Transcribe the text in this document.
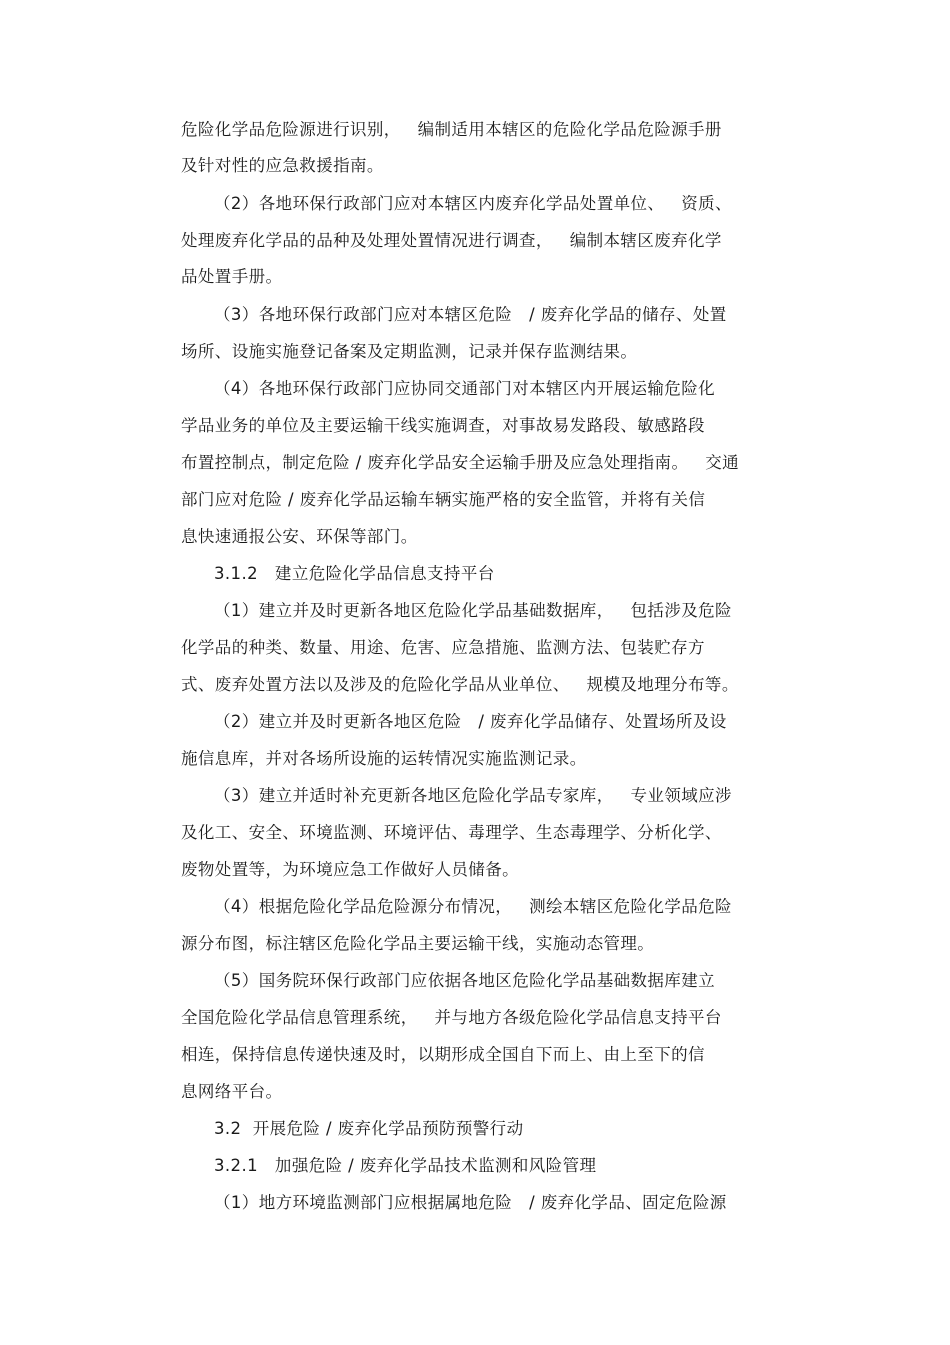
危险化学品危险源进行识别，   编制适用本辖区的危险化学品危险源手册
及针对性的应急救援指南。
（2）各地环保行政部门应对本辖区内废弃化学品处置单位、   资质、
处理废弃化学品的品种及处理处置情况进行调查，   编制本辖区废弃化学
品处置手册。
（3）各地环保行政部门应对本辖区危险   / 废弃化学品的储存、处置
场所、设施实施登记备案及定期监测，记录并保存监测结果。
（4）各地环保行政部门应协同交通部门对本辖区内开展运输危险化
学品业务的单位及主要运输干线实施调查，对事故易发路段、敏感路段
布置控制点，制定危险 / 废弃化学品安全运输手册及应急处理指南。   交通
部门应对危险 / 废弃化学品运输车辆实施严格的安全监管，并将有关信
息快速通报公安、环保等部门。
3.1.2   建立危险化学品信息支持平台
（1）建立并及时更新各地区危险化学品基础数据库，   包括涉及危险
化学品的种类、数量、用途、危害、应急措施、监测方法、包装贮存方
式、废弃处置方法以及涉及的危险化学品从业单位、   规模及地理分布等。
（2）建立并及时更新各地区危险   / 废弃化学品储存、处置场所及设
施信息库，并对各场所设施的运转情况实施监测记录。
（3）建立并适时补充更新各地区危险化学品专家库，   专业领域应涉
及化工、安全、环境监测、环境评估、毒理学、生态毒理学、分析化学、
废物处置等，为环境应急工作做好人员储备。
（4）根据危险化学品危险源分布情况，   测绘本辖区危险化学品危险
源分布图，标注辖区危险化学品主要运输干线，实施动态管理。
（5）国务院环保行政部门应依据各地区危险化学品基础数据库建立
全国危险化学品信息管理系统，   并与地方各级危险化学品信息支持平台
相连，保持信息传递快速及时，以期形成全国自下而上、由上至下的信
息网络平台。
3.2  开展危险 / 废弃化学品预防预警行动
3.2.1   加强危险 / 废弃化学品技术监测和风险管理
（1）地方环境监测部门应根据属地危险   / 废弃化学品、固定危险源
